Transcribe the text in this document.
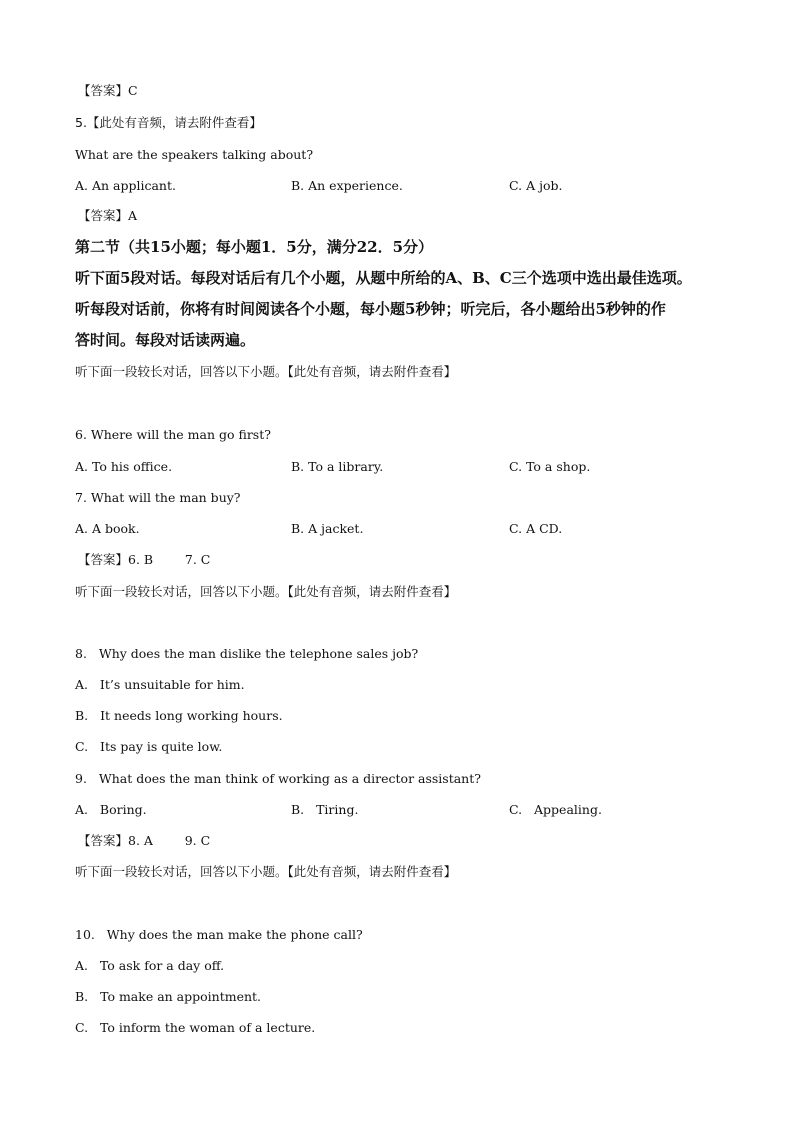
【答案】C
5.【此处有音频，请去附件查看】
What are the speakers talking about?
A. An applicant.	B. An experience.	C. A job.
【答案】A
第二节（共15小题；每小题1．5分，满分22．5分）
听下面5段对话。每段对话后有几个小题，从题中所给的A、B、C三个选项中选出最佳选项。
听每段对话前，你将有时间阅读各个小题，每小题5秒钟；听完后，各小题给出5秒钟的作
答时间。每段对话读两遍。
听下面一段较长对话，回答以下小题。【此处有音频，请去附件查看】
6. Where will the man go first?
A. To his office.	B. To a library.	C. To a shop.
7. What will the man buy?
A. A book.	B. A jacket.	C. A CD.
【答案】6. B        7. C
听下面一段较长对话，回答以下小题。【此处有音频，请去附件查看】
8.   Why does the man dislike the telephone sales job?
A.   It’s unsuitable for him.
B.   It needs long working hours.
C.   Its pay is quite low.
9.   What does the man think of working as a director assistant?
A.   Boring.	B.   Tiring.	C.   Appealing.
【答案】8. A        9. C
听下面一段较长对话，回答以下小题。【此处有音频，请去附件查看】
10.   Why does the man make the phone call?
A.   To ask for a day off.
B.   To make an appointment.
C.   To inform the woman of a lecture.
